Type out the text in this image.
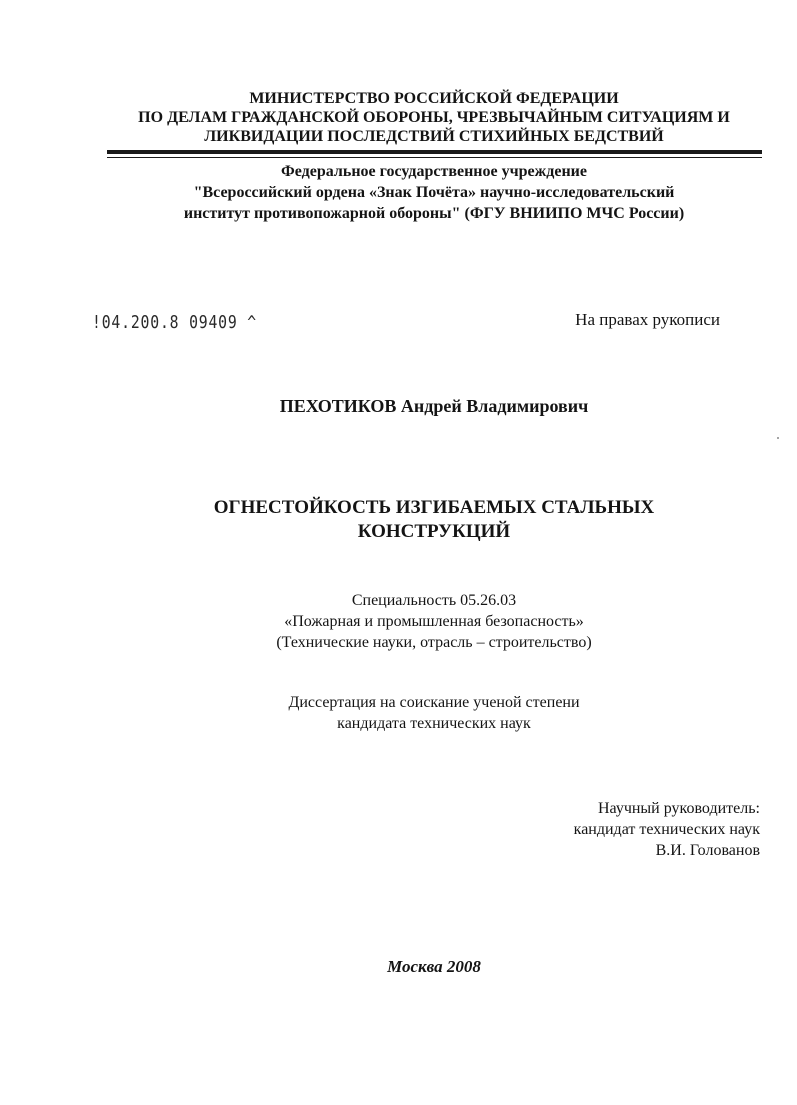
МИНИСТЕРСТВО РОССИЙСКОЙ ФЕДЕРАЦИИ
ПО ДЕЛАМ ГРАЖДАНСКОЙ ОБОРОНЫ, ЧРЕЗВЫЧАЙНЫМ СИТУАЦИЯМ И
ЛИКВИДАЦИИ ПОСЛЕДСТВИЙ СТИХИЙНЫХ БЕДСТВИЙ
Федеральное государственное учреждение
"Всероссийский ордена «Знак Почёта» научно-исследовательский
институт противопожарной обороны" (ФГУ ВНИИПО МЧС России)
!04.200.8 09409 ^	На правах рукописи
ПЕХОТИКОВ Андрей Владимирович
ОГНЕСТОЙКОСТЬ ИЗГИБАЕМЫХ СТАЛЬНЫХ
КОНСТРУКЦИЙ
Специальность 05.26.03
«Пожарная и промышленная безопасность»
(Технические науки, отрасль – строительство)
Диссертация на соискание ученой степени
кандидата технических наук
Научный руководитель:
кандидат технических наук
В.И. Голованов
Москва 2008
